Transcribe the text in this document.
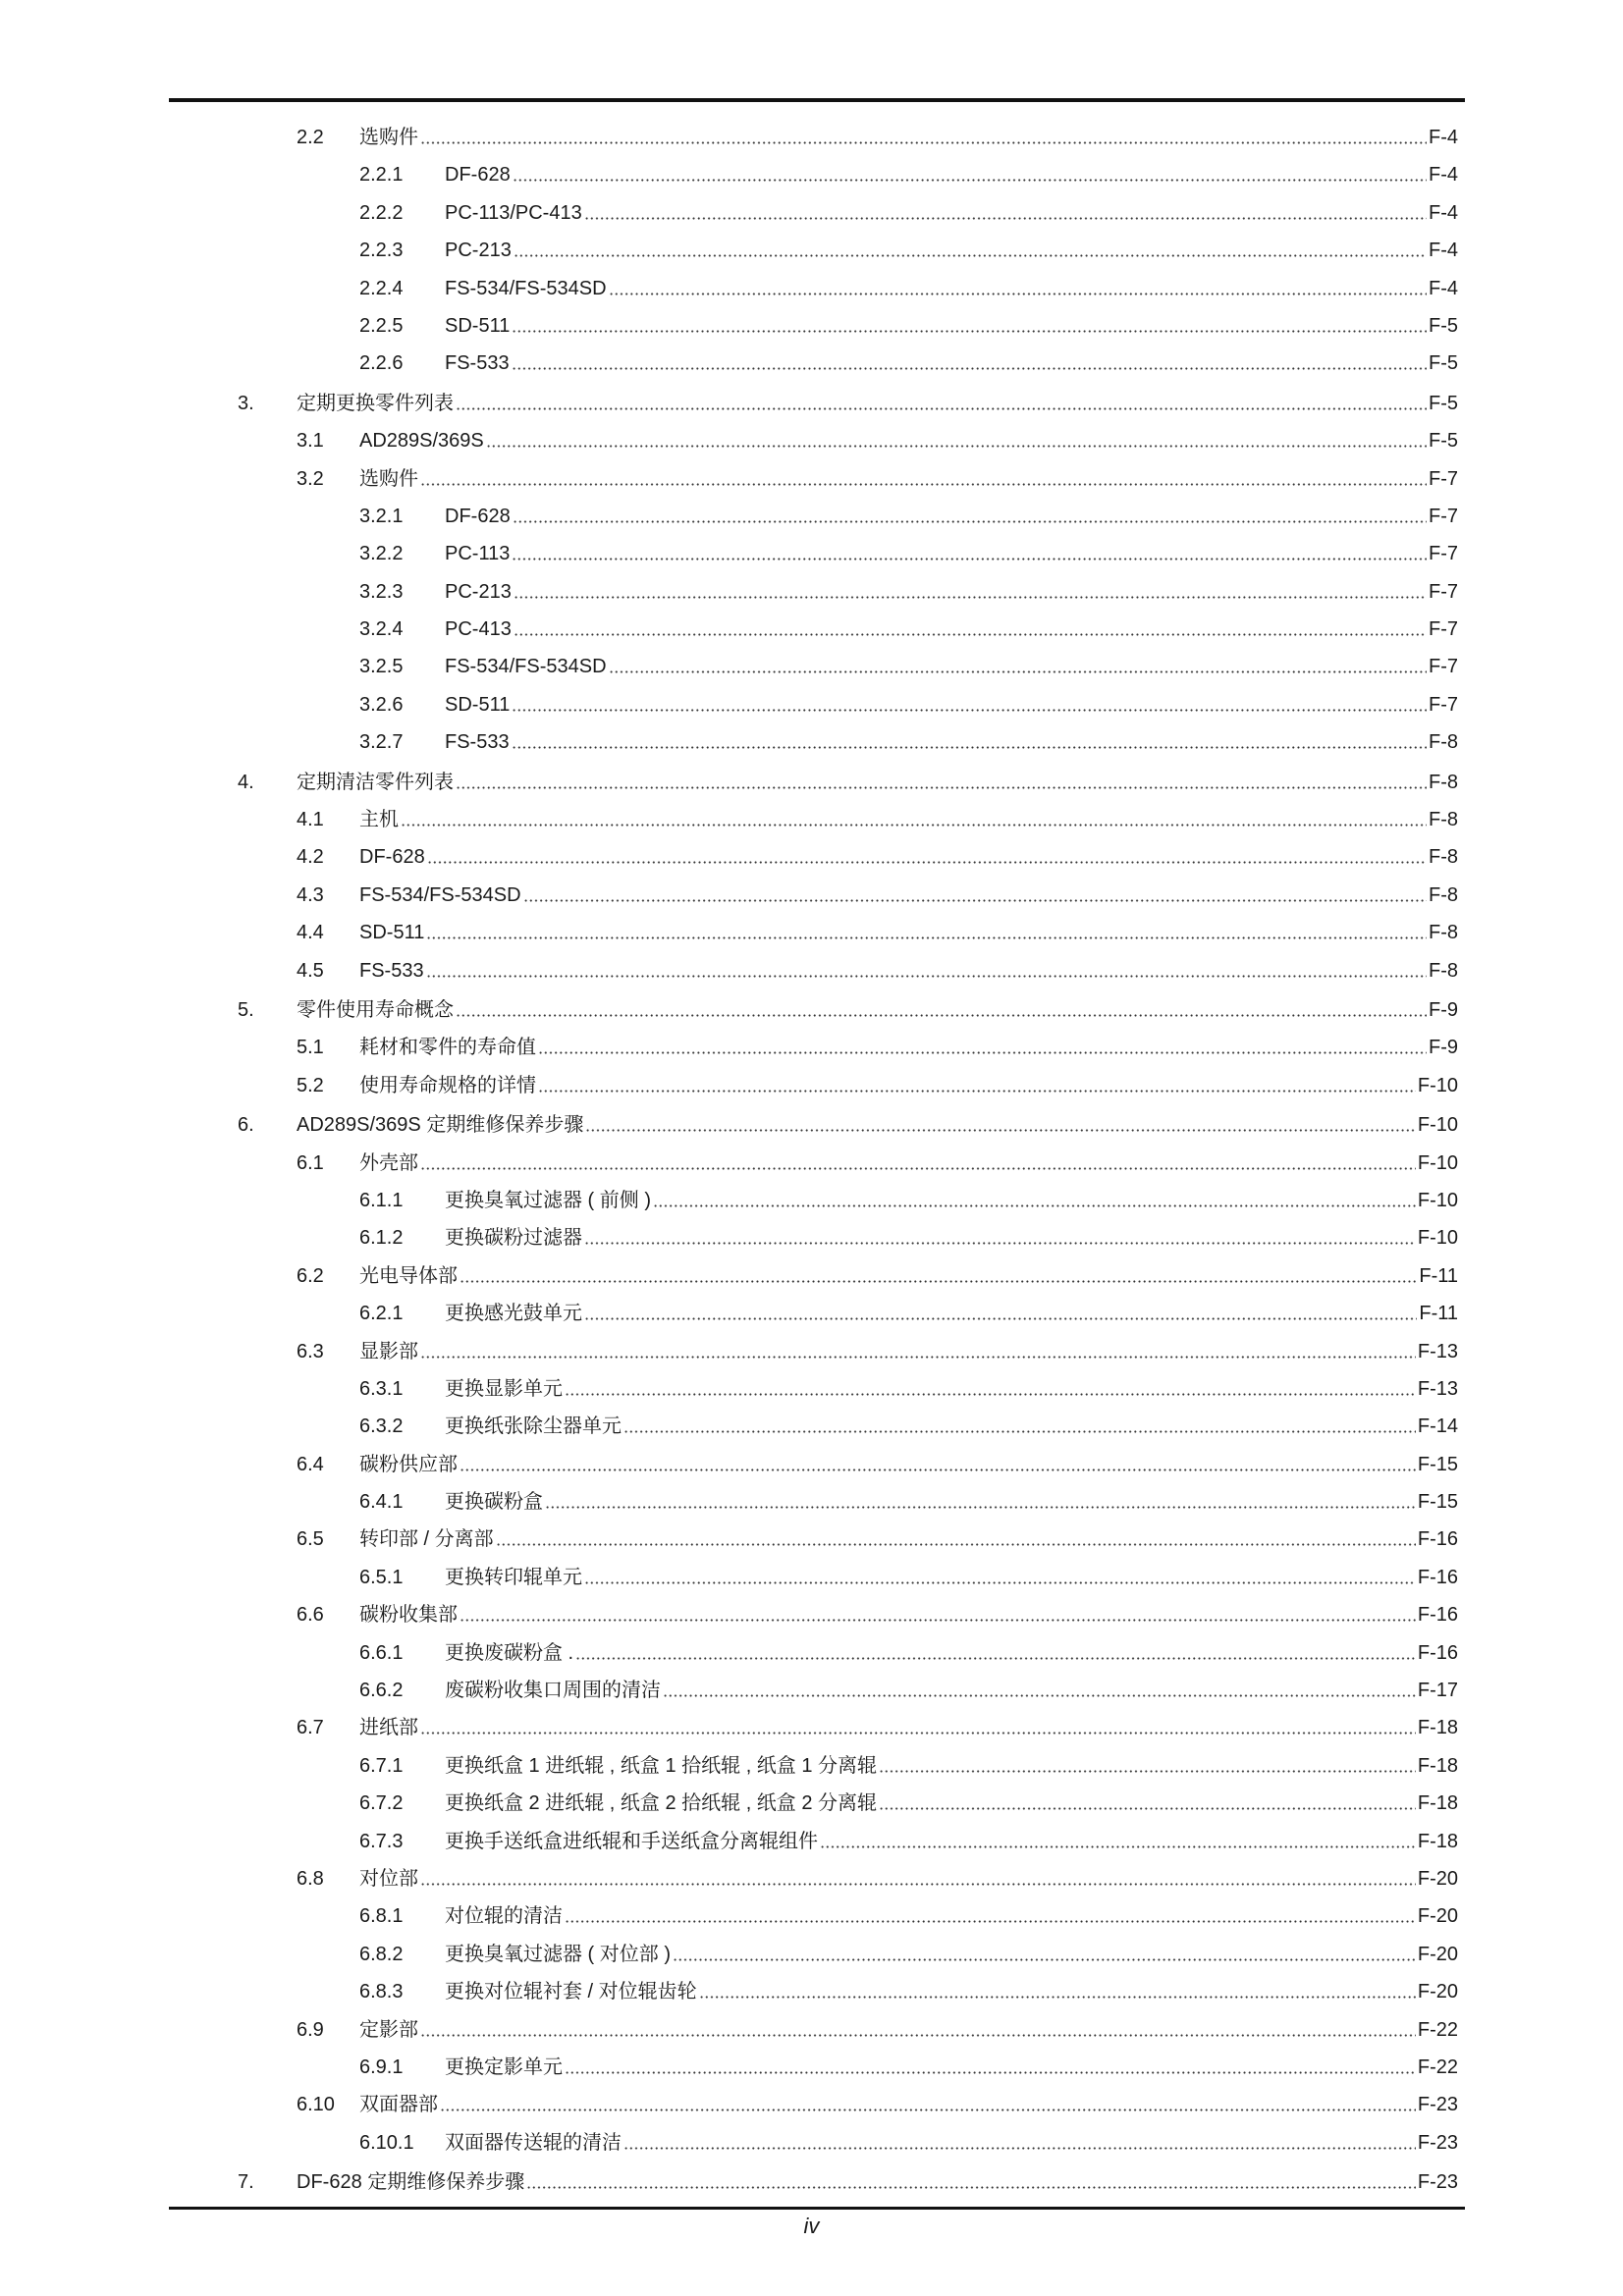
2.2 选购件	F-4
2.2.1 DF-628	F-4
2.2.2 PC-113/PC-413	F-4
2.2.3 PC-213	F-4
2.2.4 FS-534/FS-534SD	F-4
2.2.5 SD-511	F-5
2.2.6 FS-533	F-5
3. 定期更换零件列表	F-5
3.1 AD289S/369S	F-5
3.2 选购件	F-7
3.2.1 DF-628	F-7
3.2.2 PC-113	F-7
3.2.3 PC-213	F-7
3.2.4 PC-413	F-7
3.2.5 FS-534/FS-534SD	F-7
3.2.6 SD-511	F-7
3.2.7 FS-533	F-8
4. 定期清洁零件列表	F-8
4.1 主机	F-8
4.2 DF-628	F-8
4.3 FS-534/FS-534SD	F-8
4.4 SD-511	F-8
4.5 FS-533	F-8
5. 零件使用寿命概念	F-9
5.1 耗材和零件的寿命值	F-9
5.2 使用寿命规格的详情	F-10
6. AD289S/369S 定期维修保养步骤	F-10
6.1 外壳部	F-10
6.1.1 更换臭氧过滤器 ( 前侧 )	F-10
6.1.2 更换碳粉过滤器	F-10
6.2 光电导体部	F-11
6.2.1 更换感光鼓单元	F-11
6.3 显影部	F-13
6.3.1 更换显影单元	F-13
6.3.2 更换纸张除尘器单元	F-14
6.4 碳粉供应部	F-15
6.4.1 更换碳粉盒	F-15
6.5 转印部 / 分离部	F-16
6.5.1 更换转印辊单元	F-16
6.6 碳粉收集部	F-16
6.6.1 更换废碳粉盒 .	F-16
6.6.2 废碳粉收集口周围的清洁	F-17
6.7 进纸部	F-18
6.7.1 更换纸盒 1 进纸辊 , 纸盒 1 拾纸辊 , 纸盒 1 分离辊	F-18
6.7.2 更换纸盒 2 进纸辊 , 纸盒 2 拾纸辊 , 纸盒 2 分离辊	F-18
6.7.3 更换手送纸盒进纸辊和手送纸盒分离辊组件	F-18
6.8 对位部	F-20
6.8.1 对位辊的清洁	F-20
6.8.2 更换臭氧过滤器 ( 对位部 )	F-20
6.8.3 更换对位辊衬套 / 对位辊齿轮	F-20
6.9 定影部	F-22
6.9.1 更换定影单元	F-22
6.10 双面器部	F-23
6.10.1 双面器传送辊的清洁	F-23
7. DF-628 定期维修保养步骤	F-23
iv
